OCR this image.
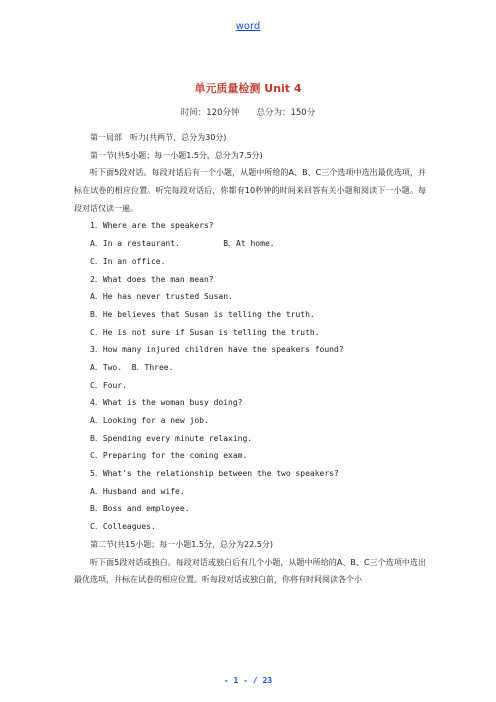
word
单元质量检测 Unit 4
时间：120分钟　　总分为：150分
第一局部　听力(共两节，总分为30分)
第一节(共5小题；每一小题1.5分，总分为7.5分)

听下面5段对话。每段对话后有一个小题，从题中所给的A、B、C三个选项中选出最优选项，并标在试卷的相应位置。听完每段对话后，你都有10秒钟的时间来回答有关小题和阅读下一小题。每段对话仅读一遍。

1．Where are the speakers?
A．In a restaurant.         B．At home.
C．In an office.
2．What does the man mean?
A．He has never trusted Susan.
B．He believes that Susan is telling the truth.
C．He is not sure if Susan is telling the truth.
3．How many injured children have the speakers found?
A．Two.  B．Three.
C．Four.
4．What is the woman busy doing?
A．Looking for a new job.
B．Spending every minute relaxing.
C．Preparing for the coming exam.
5．What's the relationship between the two speakers?
A．Husband and wife.
B．Boss and employee.
C．Colleagues.
第二节(共15小题；每一小题1.5分，总分为22.5分)

听下面5段对话或独白。每段对话或独白后有几个小题，从题中所给的A、B、C三个选项中选出最优选项，并标在试卷的相应位置。听每段对话或独白前，你将有时间阅读各个小

- 1 - / 23
